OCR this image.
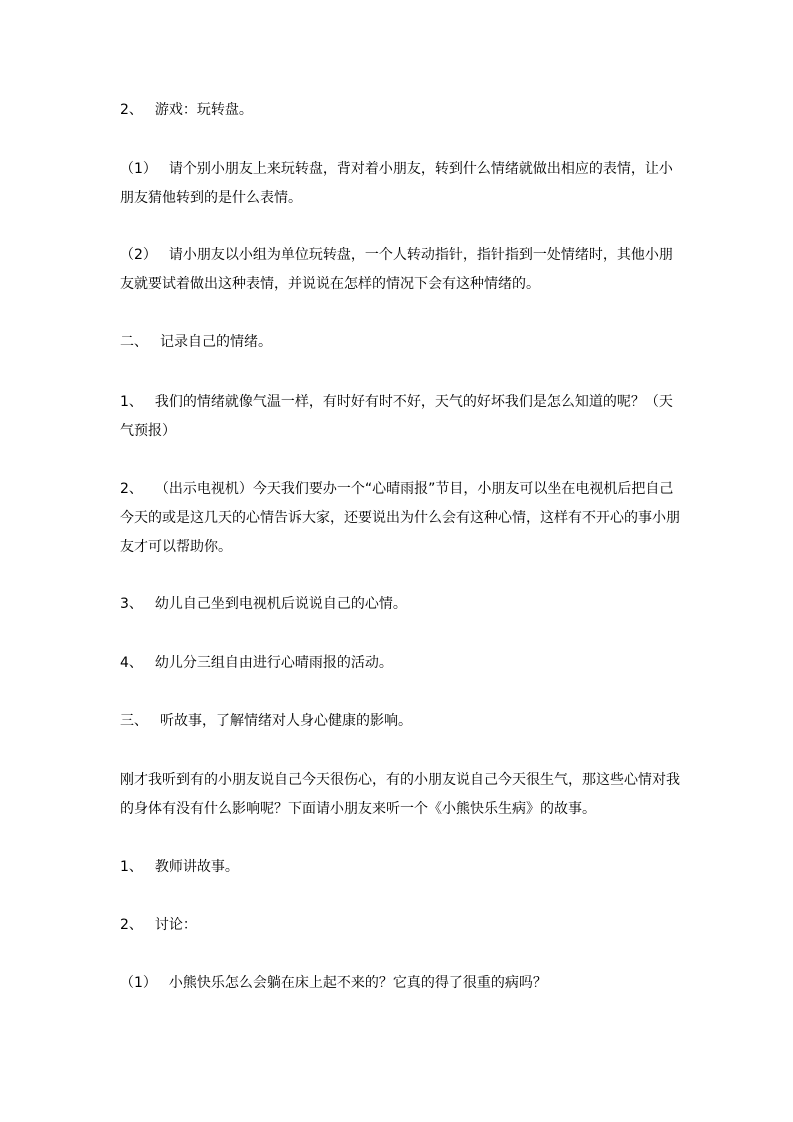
2、 游戏：玩转盘。

（1） 请个别小朋友上来玩转盘，背对着小朋友，转到什么情绪就做出相应的表情，让小朋友猜他转到的是什么表情。

（2） 请小朋友以小组为单位玩转盘，一个人转动指针，指针指到一处情绪时，其他小朋友就要试着做出这种表情，并说说在怎样的情况下会有这种情绪的。

二、 记录自己的情绪。

1、 我们的情绪就像气温一样，有时好有时不好，天气的好坏我们是怎么知道的呢？（天气预报）

2、 （出示电视机）今天我们要办一个“心晴雨报”节目，小朋友可以坐在电视机后把自己今天的或是这几天的心情告诉大家，还要说出为什么会有这种心情，这样有不开心的事小朋友才可以帮助你。

3、 幼儿自己坐到电视机后说说自己的心情。

4、 幼儿分三组自由进行心晴雨报的活动。

三、 听故事，了解情绪对人身心健康的影响。

刚才我听到有的小朋友说自己今天很伤心，有的小朋友说自己今天很生气，那这些心情对我的身体有没有什么影响呢？下面请小朋友来听一个《小熊快乐生病》的故事。

1、 教师讲故事。

2、 讨论：

（1） 小熊快乐怎么会躺在床上起不来的？它真的得了很重的病吗？
